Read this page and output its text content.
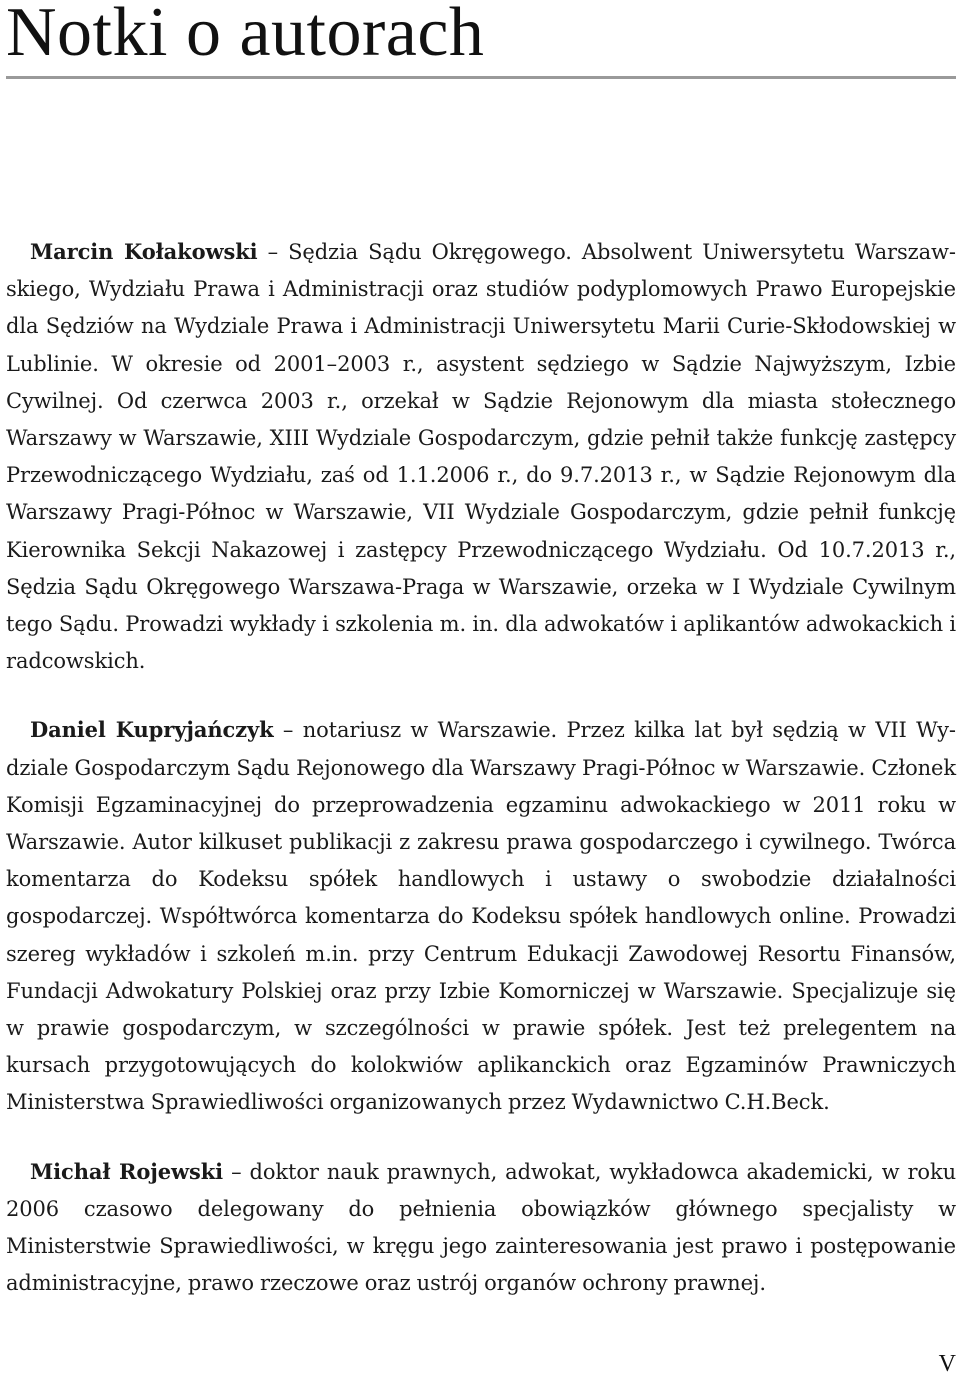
Notki o autorach

Marcin Kołakowski – Sędzia Sądu Okręgowego. Absolwent Uniwersytetu Warszawskiego, Wydziału Prawa i Administracji oraz studiów podyplomowych Prawo Europejskie dla Sędziów na Wydziale Prawa i Administracji Uniwersytetu Marii Curie-Skłodowskiej w Lublinie. W okresie od 2001–2003 r., asystent sędziego w Sądzie Najwyższym, Izbie Cywilnej. Od czerwca 2003 r., orzekał w Sądzie Rejonowym dla miasta stołecznego Warszawy w Warszawie, XIII Wydziale Gospodarczym, gdzie pełnił także funkcję zastępcy Przewodniczącego Wydziału, zaś od 1.1.2006 r., do 9.7.2013 r., w Sądzie Rejonowym dla Warszawy Pragi-Północ w Warszawie, VII Wydziale Gospodarczym, gdzie pełnił funkcję Kierownika Sekcji Nakazowej i zastępcy Przewodniczącego Wydziału. Od 10.7.2013 r., Sędzia Sądu Okręgowego Warszawa-Praga w Warszawie, orzeka w I Wydziale Cywilnym tego Sądu. Prowadzi wykłady i szkolenia m. in. dla adwokatów i aplikantów adwokackich i radcowskich.

Daniel Kupryjańczyk – notariusz w Warszawie. Przez kilka lat był sędzią w VII Wydziale Gospodarczym Sądu Rejonowego dla Warszawy Pragi-Północ w Warszawie. Członek Komisji Egzaminacyjnej do przeprowadzenia egzaminu adwokackiego w 2011 roku w Warszawie. Autor kilkuset publikacji z zakresu prawa gospodarczego i cywilnego. Twórca komentarza do Kodeksu spółek handlowych i ustawy o swobodzie działalności gospodarczej. Współtwórca komentarza do Kodeksu spółek handlowych online. Prowadzi szereg wykładów i szkoleń m.in. przy Centrum Edukacji Zawodowej Resortu Finansów, Fundacji Adwokatury Polskiej oraz przy Izbie Komorniczej w Warszawie. Specjalizuje się w prawie gospodarczym, w szczególności w prawie spółek. Jest też prelegentem na kursach przygotowujących do kolokwiów aplikanckich oraz Egzaminów Prawniczych Ministerstwa Sprawiedliwości organizowanych przez Wydawnictwo C.H.Beck.

Michał Rojewski – doktor nauk prawnych, adwokat, wykładowca akademicki, w roku 2006 czasowo delegowany do pełnienia obowiązków głównego specjalisty w Ministerstwie Sprawiedliwości, w kręgu jego zainteresowania jest prawo i postępowanie administracyjne, prawo rzeczowe oraz ustrój organów ochrony prawnej.

V
